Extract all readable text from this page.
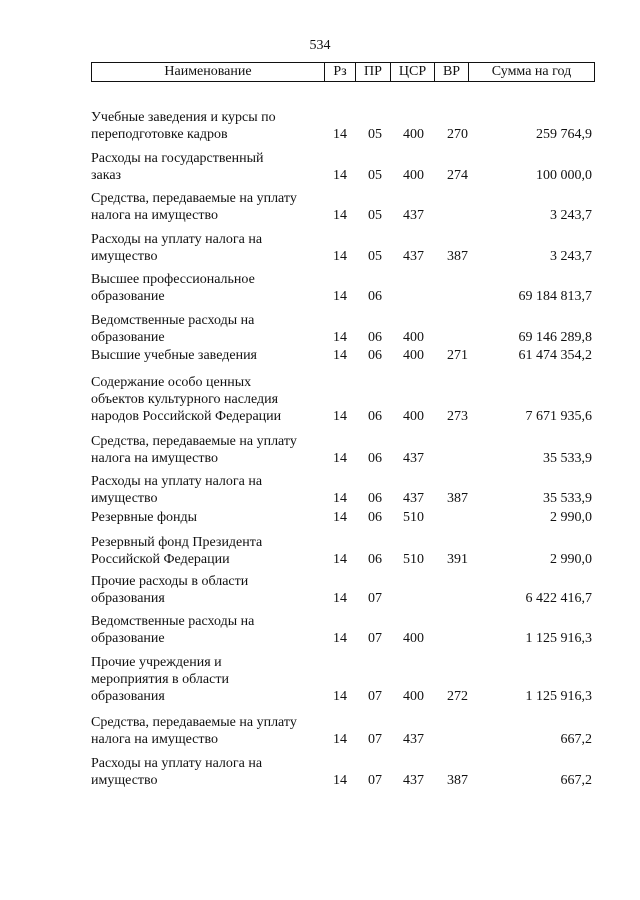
534
Наименование	Рз	ПР	ЦСР	ВР	Сумма на год
Учебные заведения и курсы по
переподготовке кадров	14 05 400 270	259 764,9
Расходы на государственный
заказ	14 05 400 274	100 000,0
Средства, передаваемые на уплату
налога на имущество	14 05 437	3 243,7
Расходы на уплату налога на
имущество	14 05 437 387	3 243,7
Высшее профессиональное
образование	14 06	69 184 813,7
Ведомственные расходы на
образование	14 06 400	69 146 289,8
Высшие учебные заведения	14 06 400 271	61 474 354,2
Содержание особо ценных
объектов культурного наследия
народов Российской Федерации	14 06 400 273	7 671 935,6
Средства, передаваемые на уплату
налога на имущество	14 06 437	35 533,9
Расходы на уплату налога на
имущество	14 06 437 387	35 533,9
Резервные фонды	14 06 510	2 990,0
Резервный фонд Президента
Российской Федерации	14 06 510 391	2 990,0
Прочие расходы в области
образования	14 07	6 422 416,7
Ведомственные расходы на
образование	14 07 400	1 125 916,3
Прочие учреждения и
мероприятия в области
образования	14 07 400 272	1 125 916,3
Средства, передаваемые на уплату
налога на имущество	14 07 437	667,2
Расходы на уплату налога на
имущество	14 07 437 387	667,2
